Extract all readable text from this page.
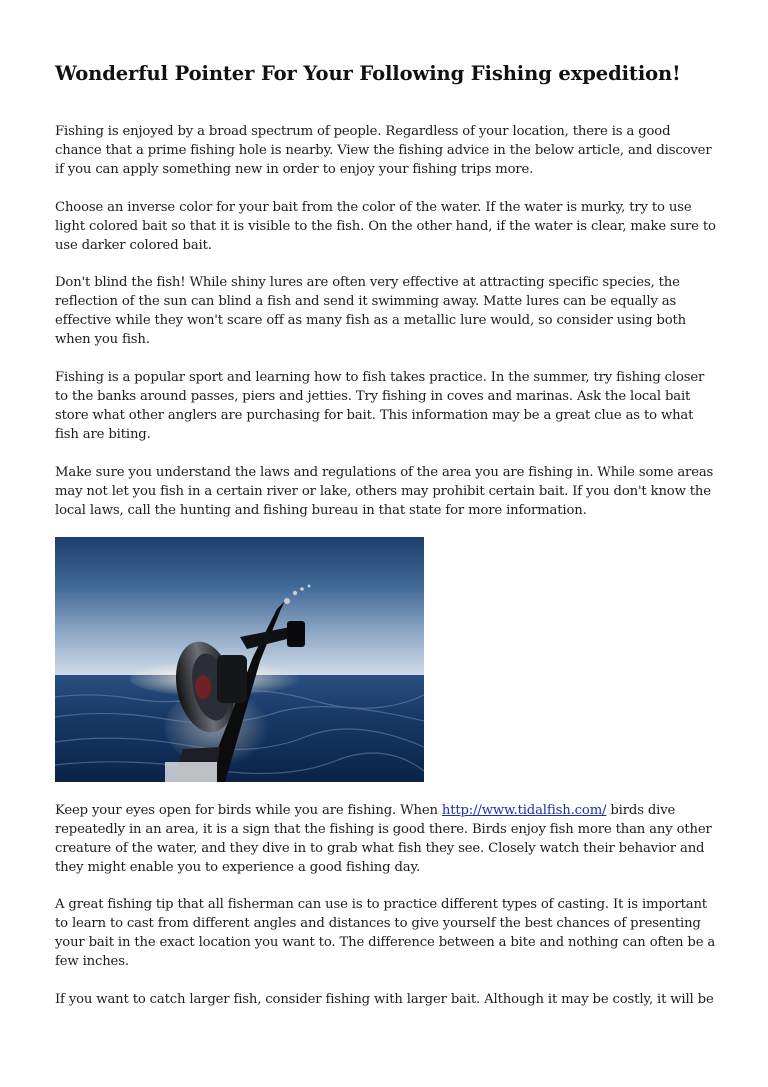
Wonderful Pointer For Your Following Fishing expedition!

Fishing is enjoyed by a broad spectrum of people. Regardless of your location, there is a good
chance that a prime fishing hole is nearby. View the fishing advice in the below article, and discover
if you can apply something new in order to enjoy your fishing trips more.

Choose an inverse color for your bait from the color of the water. If the water is murky, try to use
light colored bait so that it is visible to the fish. On the other hand, if the water is clear, make sure to
use darker colored bait.

Don't blind the fish! While shiny lures are often very effective at attracting specific species, the
reflection of the sun can blind a fish and send it swimming away. Matte lures can be equally as
effective while they won't scare off as many fish as a metallic lure would, so consider using both
when you fish.

Fishing is a popular sport and learning how to fish takes practice. In the summer, try fishing closer
to the banks around passes, piers and jetties. Try fishing in coves and marinas. Ask the local bait
store what other anglers are purchasing for bait. This information may be a great clue as to what
fish are biting.

Make sure you understand the laws and regulations of the area you are fishing in. While some areas
may not let you fish in a certain river or lake, others may prohibit certain bait. If you don't know the
local laws, call the hunting and fishing bureau in that state for more information.

Keep your eyes open for birds while you are fishing. When http://www.tidalfish.com/ birds dive
repeatedly in an area, it is a sign that the fishing is good there. Birds enjoy fish more than any other
creature of the water, and they dive in to grab what fish they see. Closely watch their behavior and
they might enable you to experience a good fishing day.

A great fishing tip that all fisherman can use is to practice different types of casting. It is important
to learn to cast from different angles and distances to give yourself the best chances of presenting
your bait in the exact location you want to. The difference between a bite and nothing can often be a
few inches.

If you want to catch larger fish, consider fishing with larger bait. Although it may be costly, it will be
